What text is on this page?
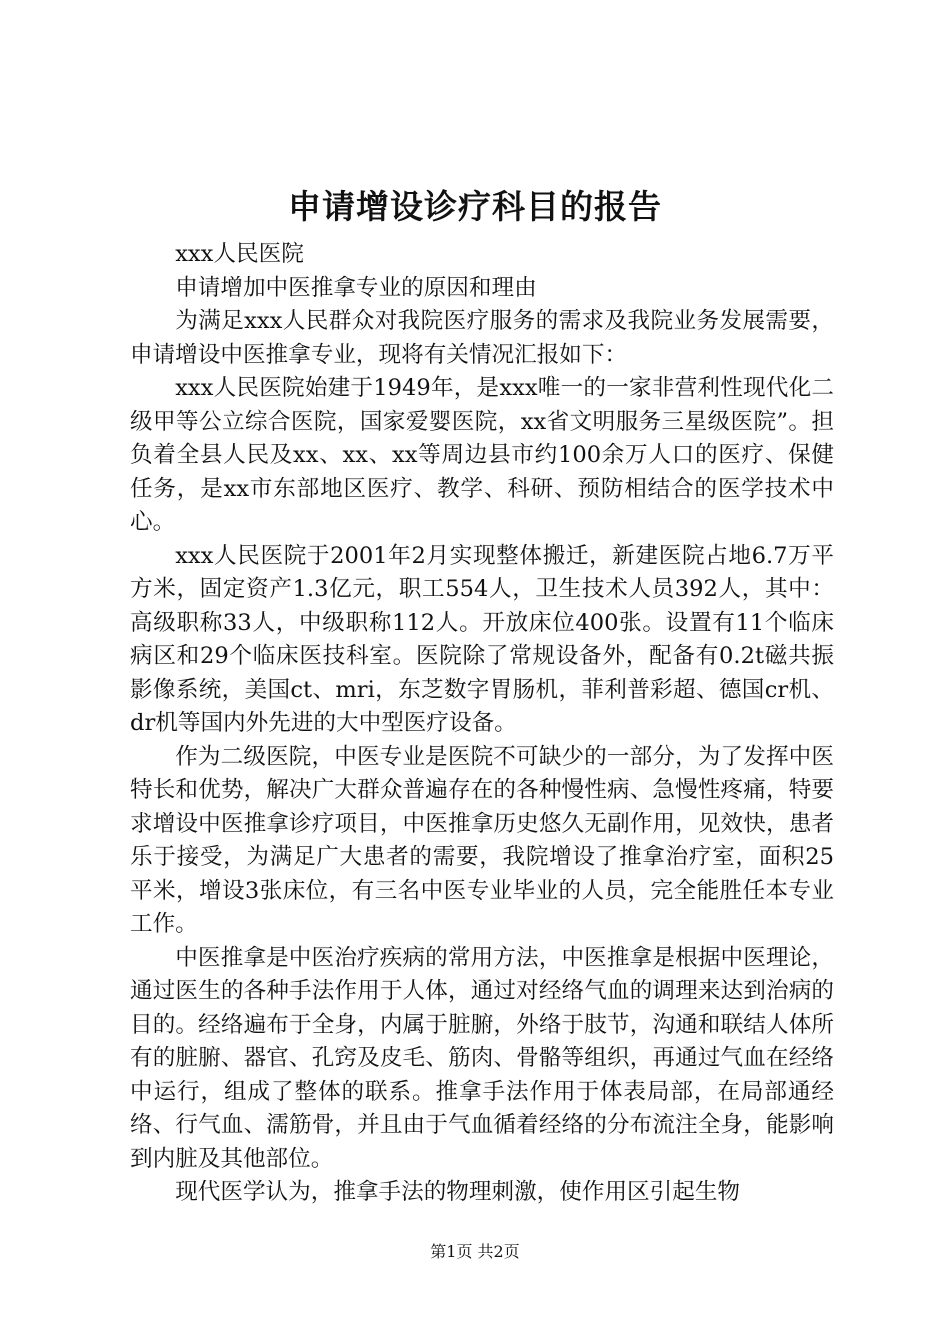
申请增设诊疗科目的报告

xxx人民医院

申请增加中医推拿专业的原因和理由

为满足xxx人民群众对我院医疗服务的需求及我院业务发展需要，申请增设中医推拿专业，现将有关情况汇报如下：

xxx人民医院始建于1949年，是xxx唯一的一家非营利性现代化二级甲等公立综合医院，国家爱婴医院，xx省文明服务三星级医院”。担负着全县人民及xx、xx、xx等周边县市约100余万人口的医疗、保健任务，是xx市东部地区医疗、教学、科研、预防相结合的医学技术中心。

xxx人民医院于2001年2月实现整体搬迁，新建医院占地6.7万平方米，固定资产1.3亿元，职工554人，卫生技术人员392人，其中：高级职称33人，中级职称112人。开放床位400张。设置有11个临床病区和29个临床医技科室。医院除了常规设备外，配备有0.2t磁共振影像系统，美国ct、mri，东芝数字胃肠机，菲利普彩超、德国cr机、dr机等国内外先进的大中型医疗设备。

作为二级医院，中医专业是医院不可缺少的一部分，为了发挥中医特长和优势，解决广大群众普遍存在的各种慢性病、急慢性疼痛，特要求增设中医推拿诊疗项目，中医推拿历史悠久无副作用，见效快，患者乐于接受，为满足广大患者的需要，我院增设了推拿治疗室，面积25平米，增设3张床位，有三名中医专业毕业的人员，完全能胜任本专业工作。

中医推拿是中医治疗疾病的常用方法，中医推拿是根据中医理论，通过医生的各种手法作用于人体，通过对经络气血的调理来达到治病的目的。经络遍布于全身，内属于脏腑，外络于肢节，沟通和联结人体所有的脏腑、器官、孔窍及皮毛、筋肉、骨骼等组织，再通过气血在经络中运行，组成了整体的联系。推拿手法作用于体表局部，在局部通经络、行气血、濡筋骨，并且由于气血循着经络的分布流注全身，能影响到内脏及其他部位。

现代医学认为，推拿手法的物理刺激，使作用区引起生物

第1页 共2页
